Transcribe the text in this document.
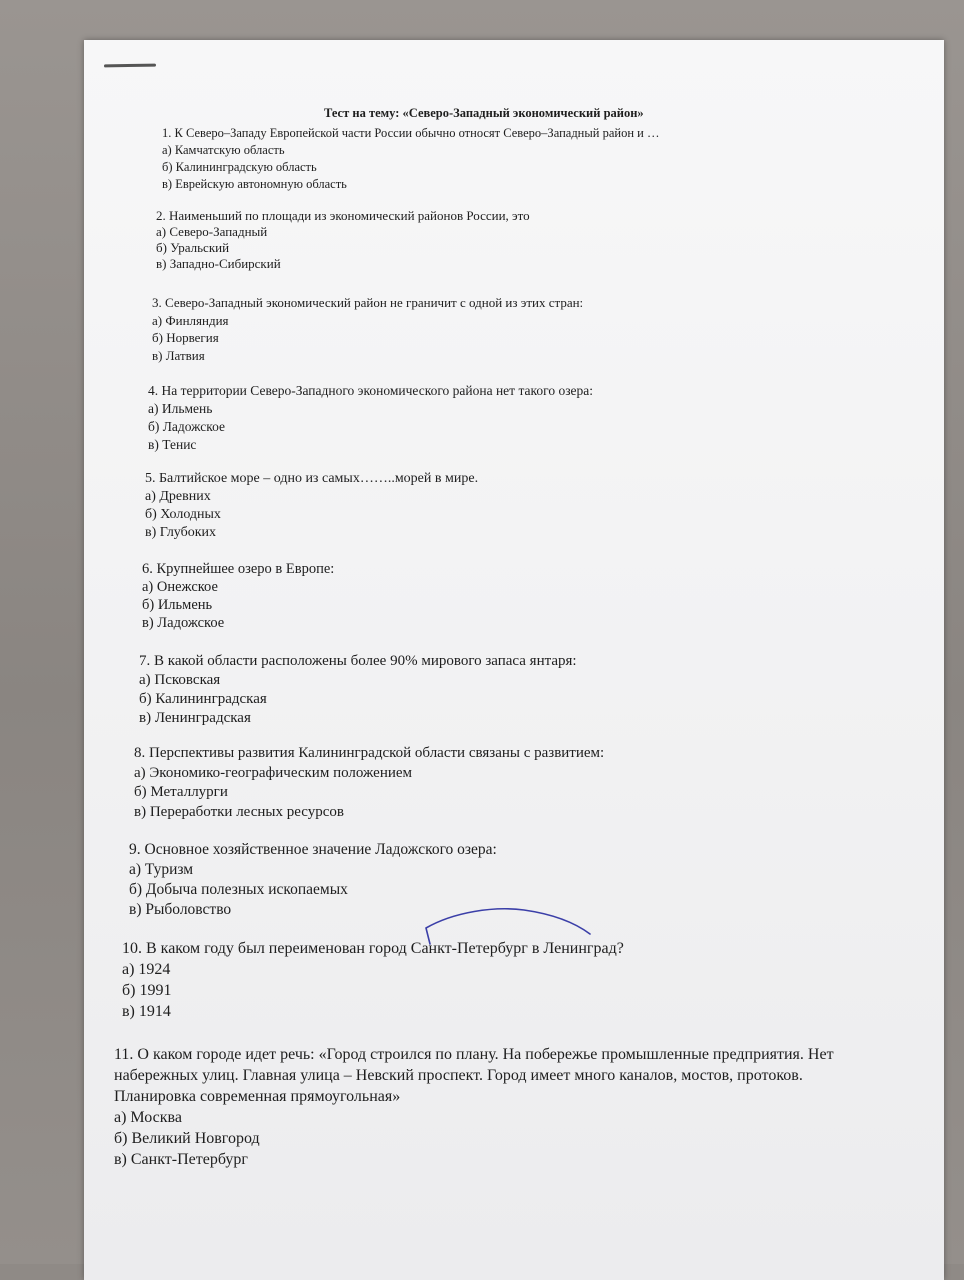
Тест на тему: «Северо-Западный экономический район»
1. К Северо–Западу Европейской части России обычно относят Северо–Западный район и …
а) Камчатскую область
б) Калининградскую область
в) Еврейскую автономную область
2. Наименьший по площади из экономический районов России, это
а) Северо-Западный
б) Уральский
в) Западно-Сибирский
3. Северо-Западный экономический район не граничит с одной из этих стран:
а) Финляндия
б) Норвегия
в) Латвия
4. На территории Северо-Западного экономического района нет такого озера:
а) Ильмень
б) Ладожское
в) Тенис
5. Балтийское море – одно из самых……..морей в мире.
а) Древних
б) Холодных
в) Глубоких
6. Крупнейшее озеро в Европе:
а) Онежское
б) Ильмень
в) Ладожское
7. В какой области расположены более 90% мирового запаса янтаря:
а) Псковская
б) Калининградская
в) Ленинградская
8. Перспективы развития Калининградской области связаны с развитием:
а) Экономико-географическим положением
б) Металлурги
в) Переработки лесных ресурсов
9. Основное хозяйственное значение Ладожского озера:
а) Туризм
б) Добыча полезных ископаемых
в) Рыболовство
10. В каком году был переименован город Санкт-Петербург в Ленинград?
а) 1924
б) 1991
в) 1914
11. О каком городе идет речь: «Город строился по плану. На побережье промышленные предприятия. Нет
набережных улиц. Главная улица – Невский проспект. Город имеет много каналов, мостов, протоков.
Планировка современная прямоугольная»
а) Москва
б) Великий Новгород
в) Санкт-Петербург
